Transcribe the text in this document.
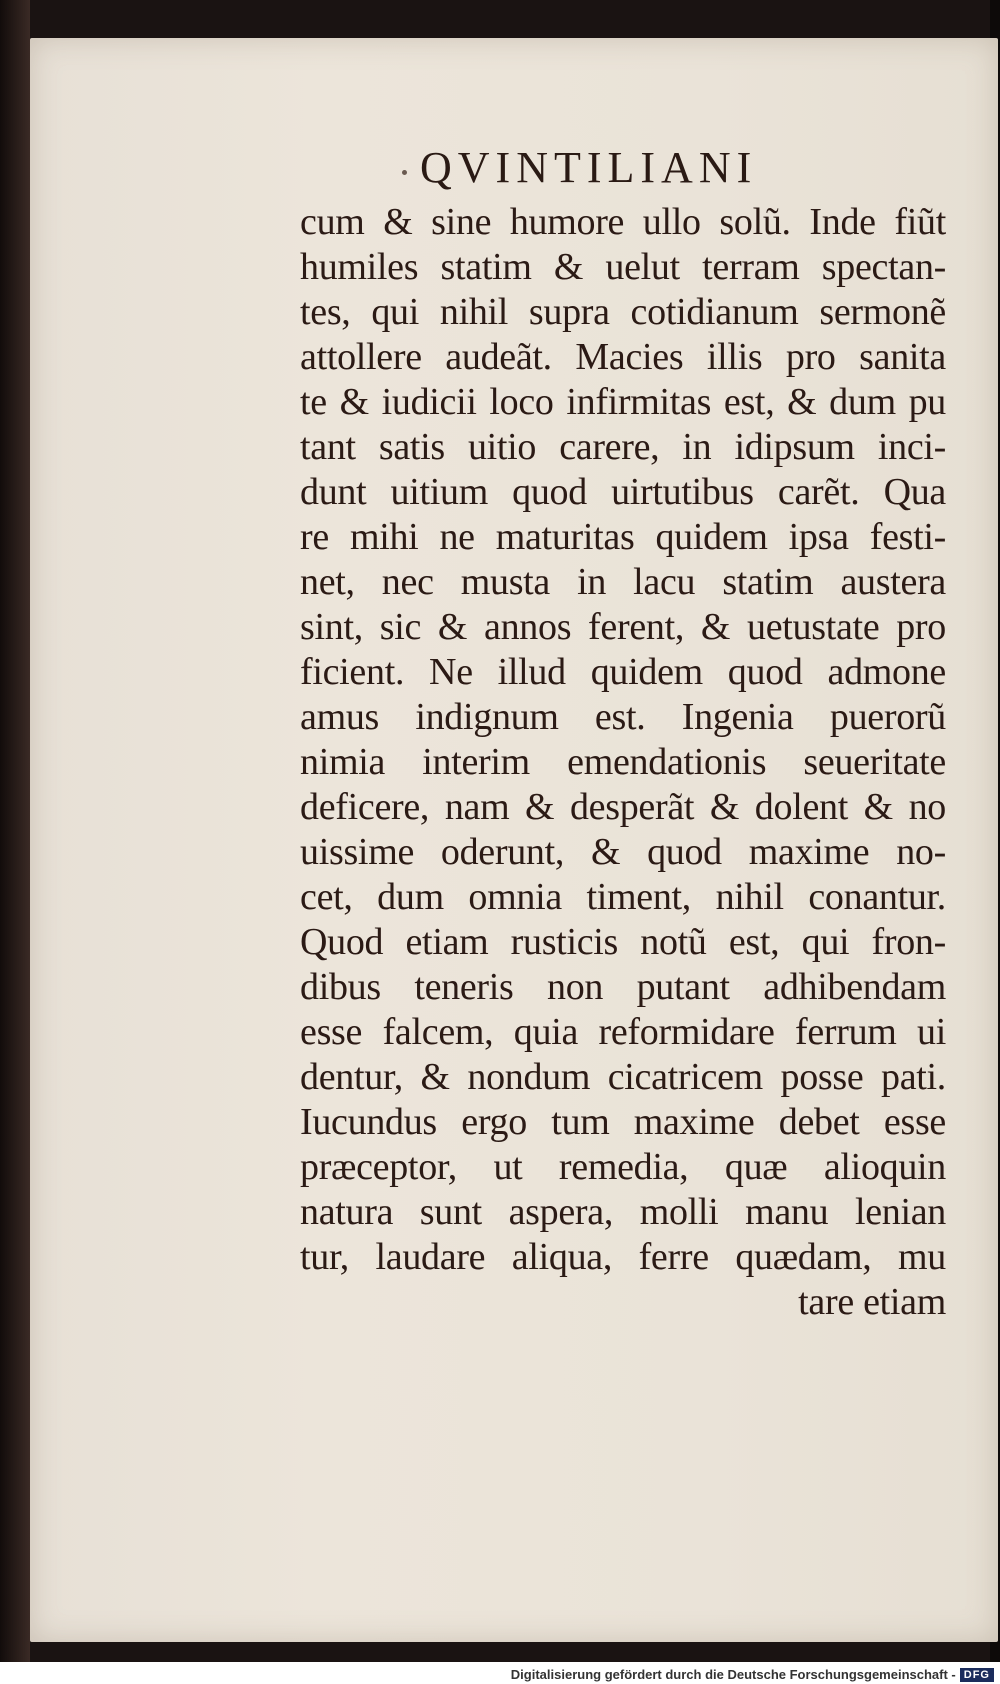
QVINTILIANI
cum & sine humore ullo solũ. Inde fiũt
humiles statim & uelut terram spectan-
tes, qui nihil supra cotidianum sermonẽ
attollere audeãt. Macies illis pro sanita
te & iudicii loco infirmitas est, & dum pu
tant satis uitio carere, in idipsum inci-
dunt uitium quod uirtutibus carẽt. Qua
re mihi ne maturitas quidem ipsa festi-
net, nec musta in lacu statim austera
sint, sic & annos ferent, & uetustate pro
ficient. Ne illud quidem quod admone
amus indignum est. Ingenia puerorũ
nimia interim emendationis seueritate
deficere, nam & desperãt & dolent & no
uissime oderunt, & quod maxime no-
cet, dum omnia timent, nihil conantur.
Quod etiam rusticis notũ est, qui fron-
dibus teneris non putant adhibendam
esse falcem, quia reformidare ferrum ui
dentur, & nondum cicatricem posse pati.
Iucundus ergo tum maxime debet esse
præceptor, ut remedia, quæ alioquin
natura sunt aspera, molli manu lenian
tur, laudare aliqua, ferre quædam, mu
tare etiam
Digitalisierung gefördert durch die Deutsche Forschungsgemeinschaft - DFG
